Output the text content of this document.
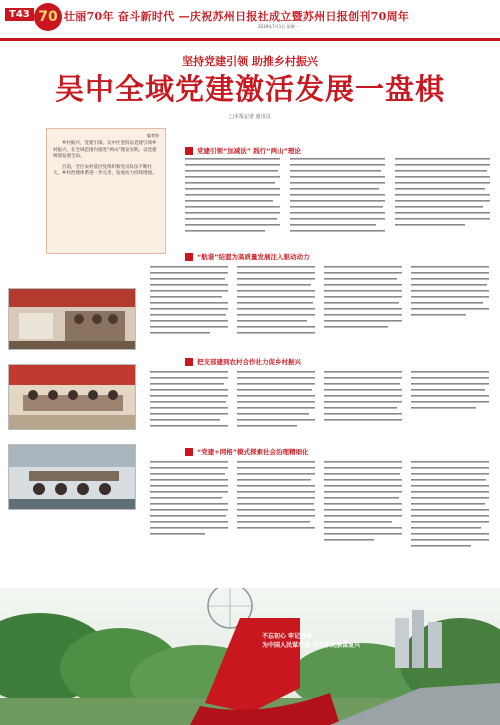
T43 70 壮丽70年 奋斗新时代 —庆祝苏州日报社成立暨苏州日报创刊70周年
2019年7月1日 星期一
坚持党建引领 助推乡村振兴
吴中全域党建激活发展一盘棋
□本报记者 通讯员
编者按

乡村振兴，党建引领。吴中区坚持以党建引领乡村振兴，在全域范围内推进“两山”理论实践，以党建统领发展全局。

目前，全区农村基层党组织和党员队伍不断壮大，乡村治理体系进一步完善，发展动力持续增强。

党建引领“加减法” 践行“两山”理论
“航谐”结盟为高质量发展注入驱动动力
把支部建到农村合作社力促乡村振兴
“党建+网格”模式探索社会治理精细化
不忘初心 牢记使命
为中国人民谋幸福 为中华民族谋复兴
